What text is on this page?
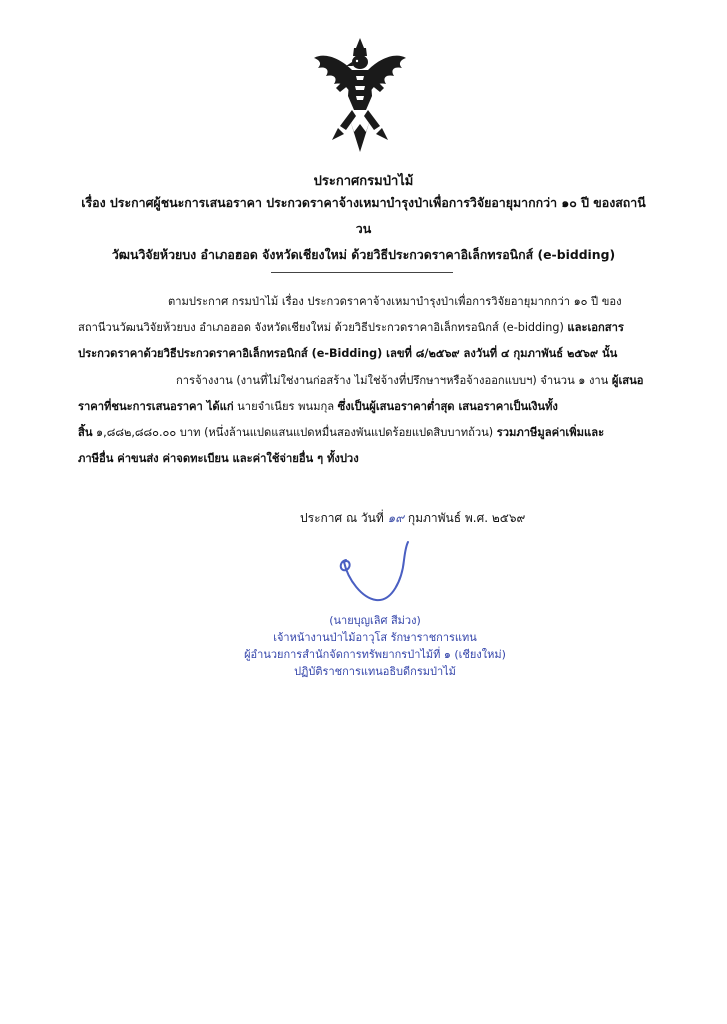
ประกาศกรมป่าไม้
เรื่อง ประกาศผู้ชนะการเสนอราคา ประกวดราคาจ้างเหมาบำรุงป่าเพื่อการวิจัยอายุมากกว่า ๑๐ ปี ของสถานีวน
วัฒนวิจัยห้วยบง อำเภอฮอด จังหวัดเชียงใหม่ ด้วยวิธีประกวดราคาอิเล็กทรอนิกส์ (e-bidding)
ตามประกาศ กรมป่าไม้ เรื่อง ประกวดราคาจ้างเหมาบำรุงป่าเพื่อการวิจัยอายุมากกว่า ๑๐ ปี ของ
สถานีวนวัฒนวิจัยห้วยบง อำเภอฮอด จังหวัดเชียงใหม่ ด้วยวิธีประกวดราคาอิเล็กทรอนิกส์ (e-bidding) และเอกสาร
ประกวดราคาด้วยวิธีประกวดราคาอิเล็กทรอนิกส์ (e-Bidding) เลขที่ ๘/๒๕๖๙ ลงวันที่ ๔ กุมภาพันธ์ ๒๕๖๙ นั้น
การจ้างงาน (งานที่ไม่ใช่งานก่อสร้าง ไม่ใช่จ้างที่ปรึกษาฯหรือจ้างออกแบบฯ) จำนวน ๑ งาน ผู้เสนอ
ราคาที่ชนะการเสนอราคา ได้แก่ นายจำเนียร พนมกุล ซึ่งเป็นผู้เสนอราคาต่ำสุด เสนอราคาเป็นเงินทั้ง
สิ้น ๑,๘๘๒,๘๘๐.๐๐ บาท (หนึ่งล้านแปดแสนแปดหมื่นสองพันแปดร้อยแปดสิบบาทถ้วน) รวมภาษีมูลค่าเพิ่มและ
ภาษีอื่น ค่าขนส่ง ค่าจดทะเบียน และค่าใช้จ่ายอื่น ๆ ทั้งปวง
ประกาศ ณ วันที่ ๑๙ กุมภาพันธ์ พ.ศ. ๒๕๖๙
(นายบุญเลิศ สีม่วง)
เจ้าหน้างานป่าไม้อาวุโส รักษาราชการแทน
ผู้อำนวยการสำนักจัดการทรัพยากรป่าไม้ที่ ๑ (เชียงใหม่)
ปฏิบัติราชการแทนอธิบดีกรมป่าไม้
